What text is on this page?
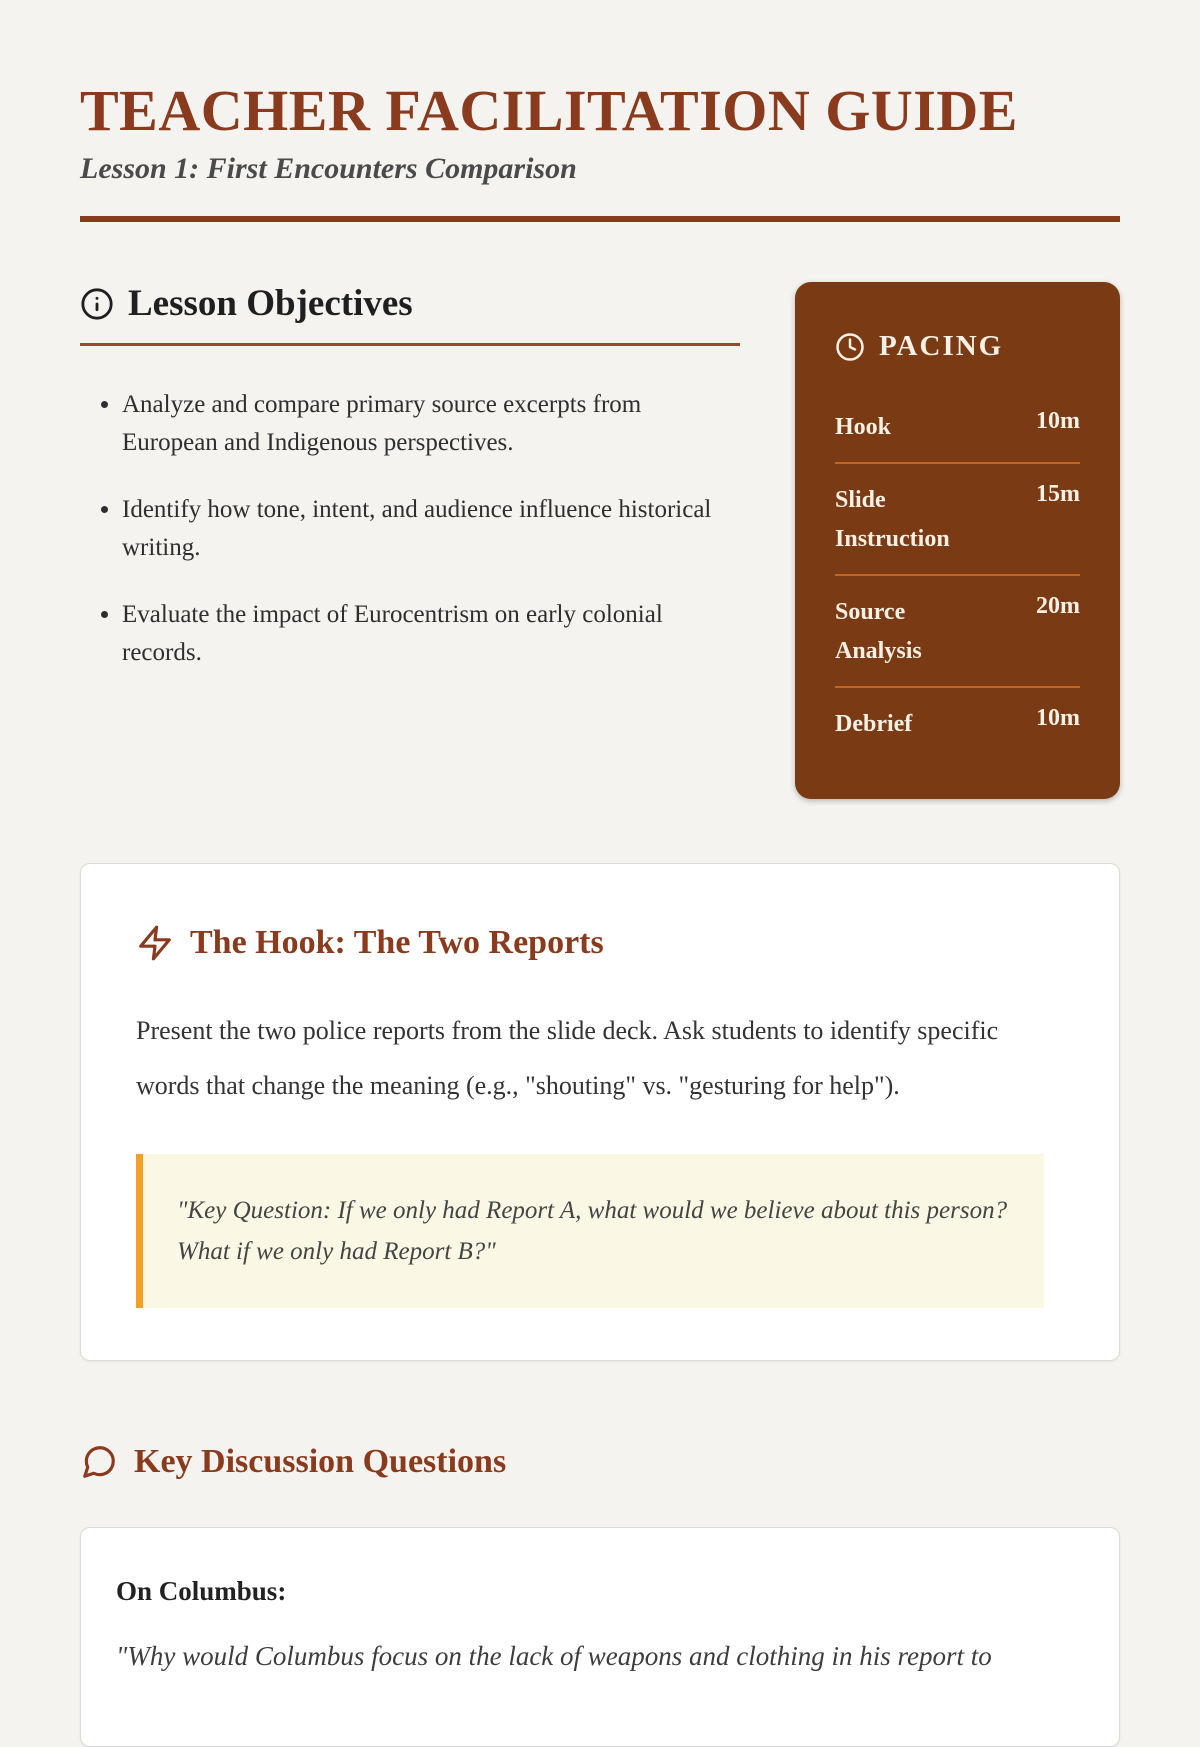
TEACHER FACILITATION GUIDE
Lesson 1: First Encounters Comparison
Lesson Objectives
• Analyze and compare primary source excerpts from European and Indigenous perspectives.
• Identify how tone, intent, and audience influence historical writing.
• Evaluate the impact of Eurocentrism on early colonial records.
PACING
Hook	10m
Slide Instruction
15m
Source Analysis
20m
Debrief	10m
The Hook: The Two Reports

Present the two police reports from the slide deck. Ask students to identify specific words that change the meaning (e.g., "shouting" vs. "gesturing for help").

"Key Question: If we only had Report A, what would we believe about this person? What if we only had Report B?"
Key Discussion Questions
On Columbus:
"Why would Columbus focus on the lack of weapons and clothing in his report to
